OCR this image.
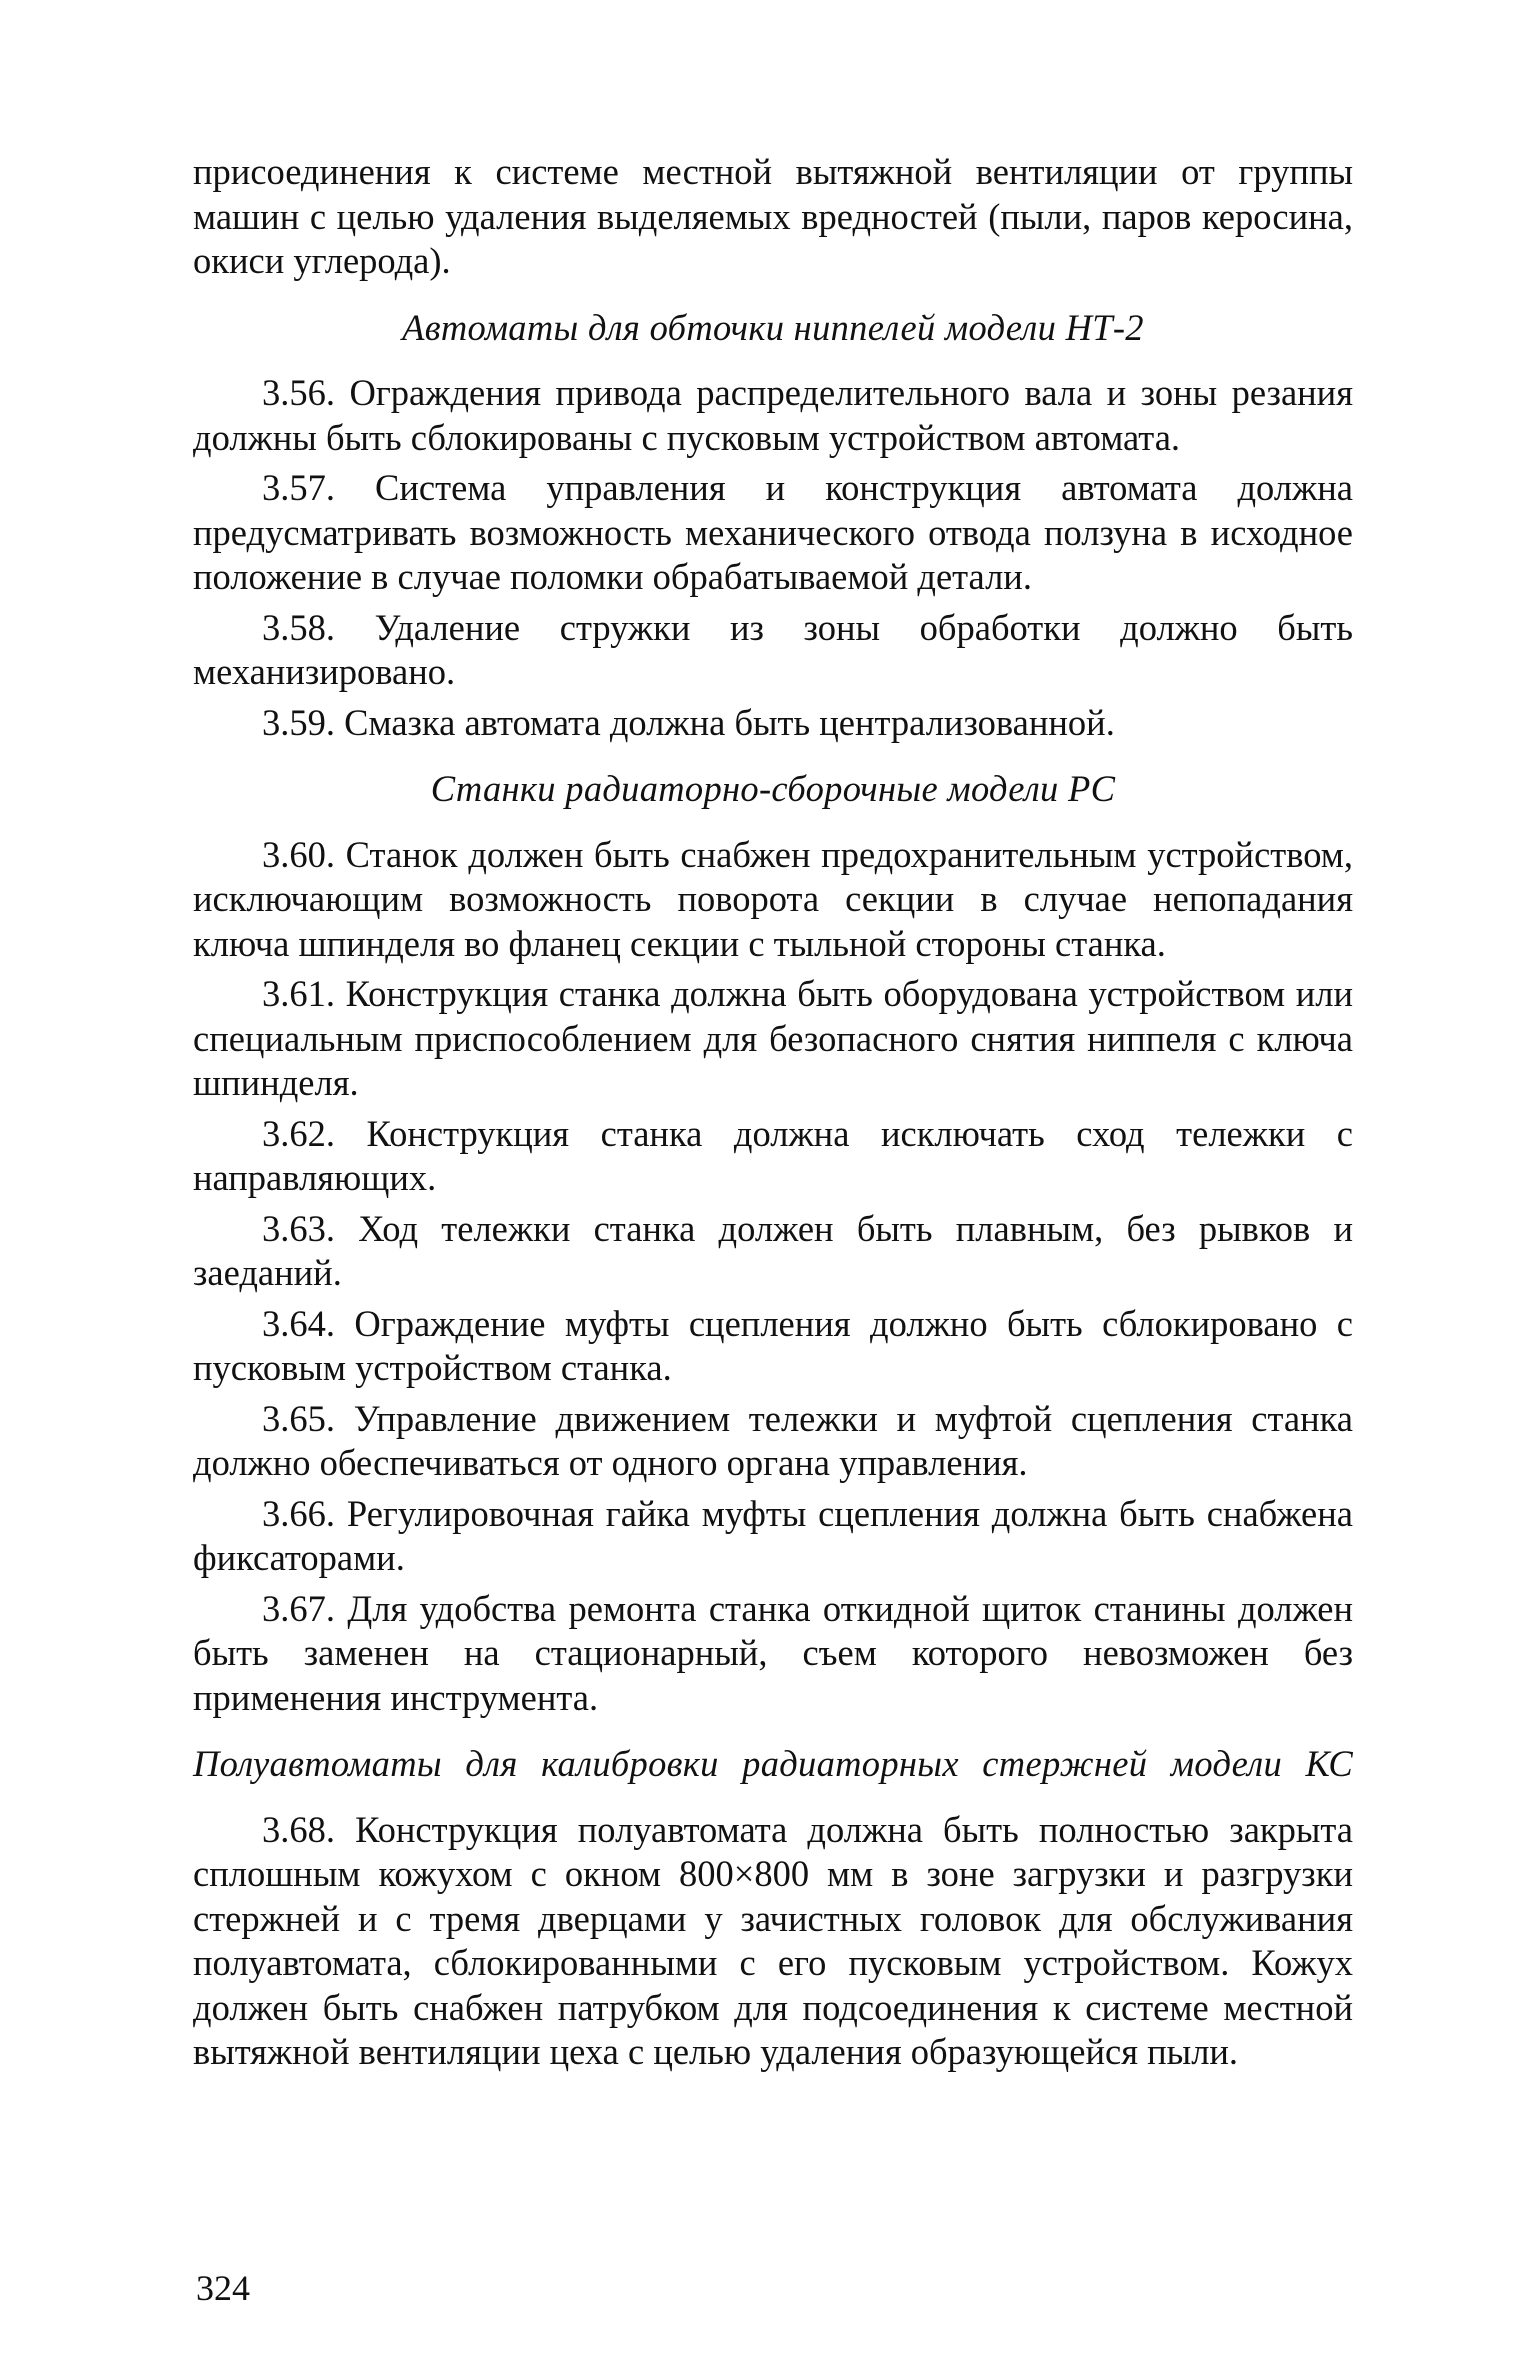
присоединения к системе местной вытяжной вентиляции от группы машин с целью удаления выделяемых вредностей (пыли, паров керосина, окиси углерода).

Автоматы для обточки ниппелей модели НТ-2

3.56. Ограждения привода распределительного вала и зоны резания должны быть сблокированы с пусковым устройством автомата.

3.57. Система управления и конструкция автомата должна предусматривать возможность механического отвода ползуна в исходное положение в случае поломки обрабатываемой детали.

3.58. Удаление стружки из зоны обработки должно быть механизировано.

3.59. Смазка автомата должна быть централизованной.

Станки радиаторно-сборочные модели PC

3.60. Станок должен быть снабжен предохранительным устройством, исключающим возможность поворота секции в случае непопадания ключа шпинделя во фланец секции с тыльной стороны станка.

3.61. Конструкция станка должна быть оборудована устройством или специальным приспособлением для безопасного снятия ниппеля с ключа шпинделя.

3.62. Конструкция станка должна исключать сход тележки с направляющих.

3.63. Ход тележки станка должен быть плавным, без рывков и заеданий.

3.64. Ограждение муфты сцепления должно быть сблокировано с пусковым устройством станка.

3.65. Управление движением тележки и муфтой сцепления станка должно обеспечиваться от одного органа управления.

3.66. Регулировочная гайка муфты сцепления должна быть снабжена фиксаторами.

3.67. Для удобства ремонта станка откидной щиток станины должен быть заменен на стационарный, съем которого невозможен без применения инструмента.

Полуавтоматы для калибровки радиаторных стержней модели КС

3.68. Конструкция полуавтомата должна быть полностью закрыта сплошным кожухом с окном 800×800 мм в зоне загрузки и разгрузки стержней и с тремя дверцами у зачистных головок для обслуживания полуавтомата, сблокированными с его пусковым устройством. Кожух должен быть снабжен патрубком для подсоединения к системе местной вытяжной вентиляции цеха с целью удаления образующейся пыли.

324
